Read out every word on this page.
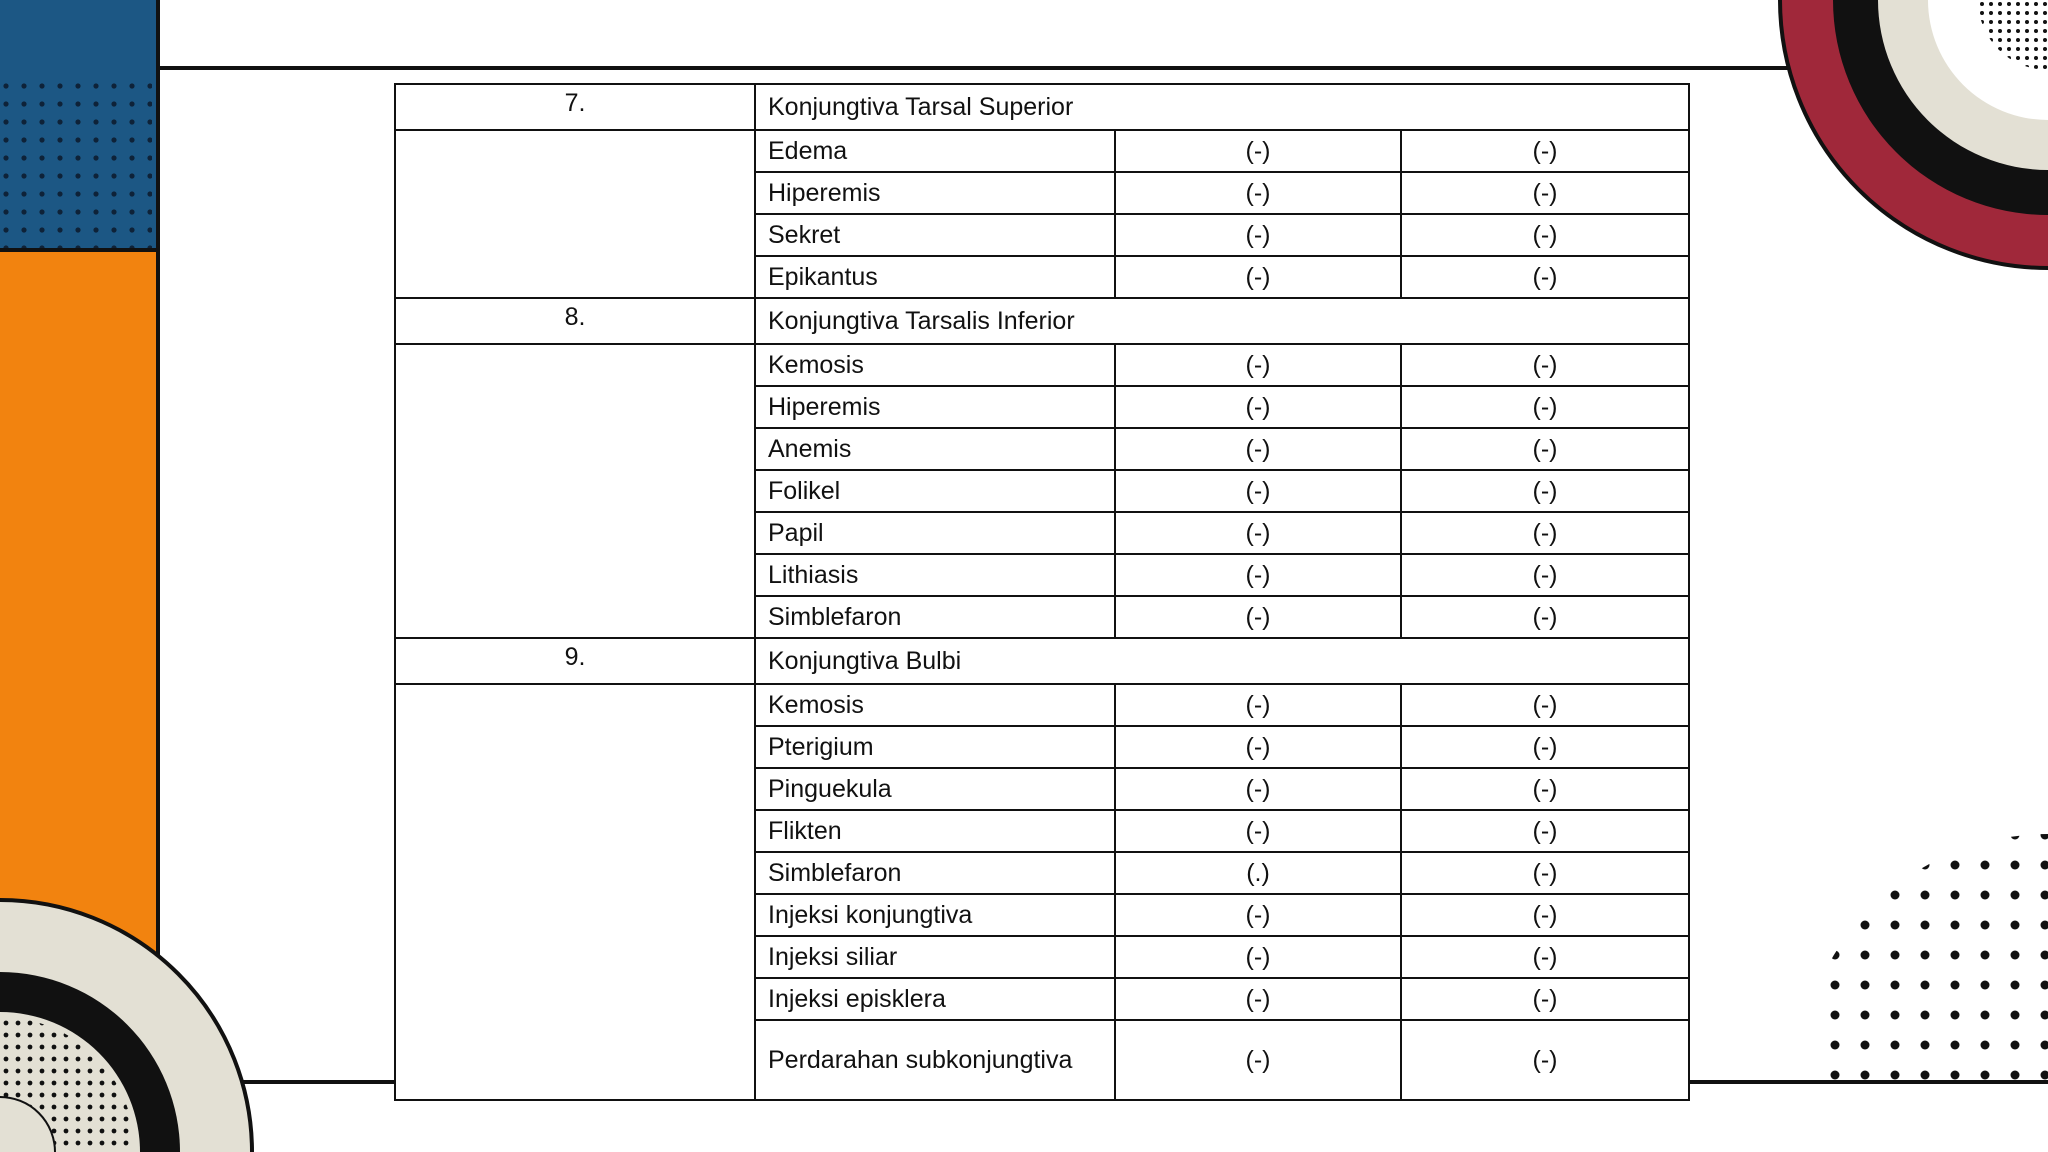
7.	Konjungtiva Tarsal Superior		
	Edema	(-)	(-)
	Hiperemis	(-)	(-)
	Sekret	(-)	(-)
	Epikantus	(-)	(-)
8.	Konjungtiva Tarsalis Inferior		
	Kemosis	(-)	(-)
	Hiperemis	(-)	(-)
	Anemis	(-)	(-)
	Folikel	(-)	(-)
	Papil	(-)	(-)
	Lithiasis	(-)	(-)
	Simblefaron	(-)	(-)
9.	Konjungtiva Bulbi		
	Kemosis	(-)	(-)
	Pterigium	(-)	(-)
	Pinguekula	(-)	(-)
	Flikten	(-)	(-)
	Simblefaron	(.)	(-)
	Injeksi konjungtiva	(-)	(-)
	Injeksi siliar	(-)	(-)
	Injeksi episklera	(-)	(-)
	Perdarahan subkonjungtiva	(-)	(-)
